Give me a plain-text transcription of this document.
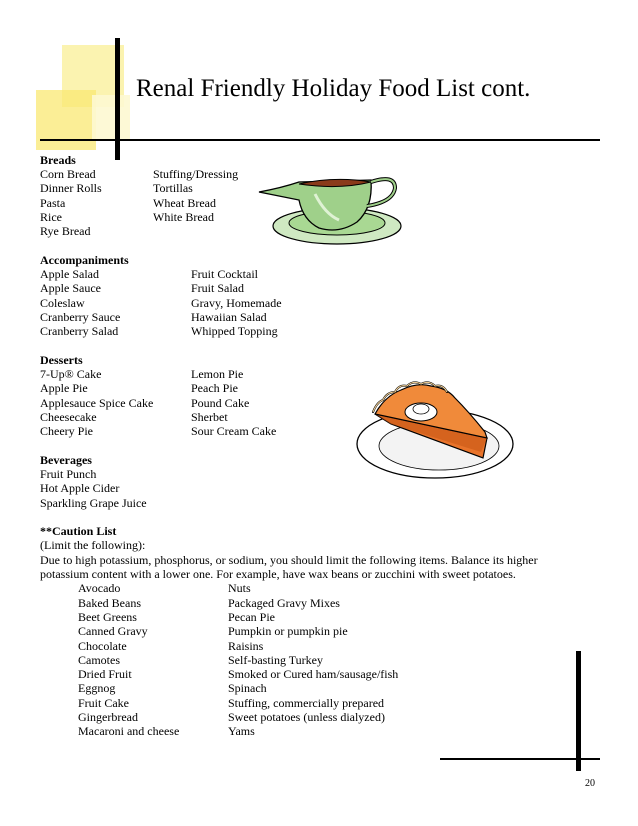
Renal Friendly Holiday Food List cont.
Breads
Corn Bread
Dinner Rolls
Pasta
Rice
Rye Bread
Stuffing/Dressing
Tortillas
Wheat Bread
White Bread
Accompaniments
Apple Salad
Apple Sauce
Coleslaw
Cranberry Sauce
Cranberry Salad
Fruit Cocktail
Fruit Salad
Gravy, Homemade
Hawaiian Salad
Whipped Topping
Desserts
7-Up® Cake
Apple Pie
Applesauce Spice Cake
Cheesecake
Cheery Pie
Lemon Pie
Peach Pie
Pound Cake
Sherbet
Sour Cream Cake
Beverages
Fruit Punch
Hot Apple Cider
Sparkling Grape Juice
**Caution List
(Limit the following):
Due to high potassium, phosphorus, or sodium, you should limit the following items. Balance its higher
potassium content with a lower one. For example, have wax beans or zucchini with sweet potatoes.
Avocado
Baked Beans
Beet Greens
Canned Gravy
Chocolate
Camotes
Dried Fruit
Eggnog
Fruit Cake
Gingerbread
Macaroni and cheese
Nuts
Packaged Gravy Mixes
Pecan Pie
Pumpkin or pumpkin pie
Raisins
Self-basting Turkey
Smoked or Cured ham/sausage/fish
Spinach
Stuffing, commercially prepared
Sweet potatoes (unless dialyzed)
Yams
20
